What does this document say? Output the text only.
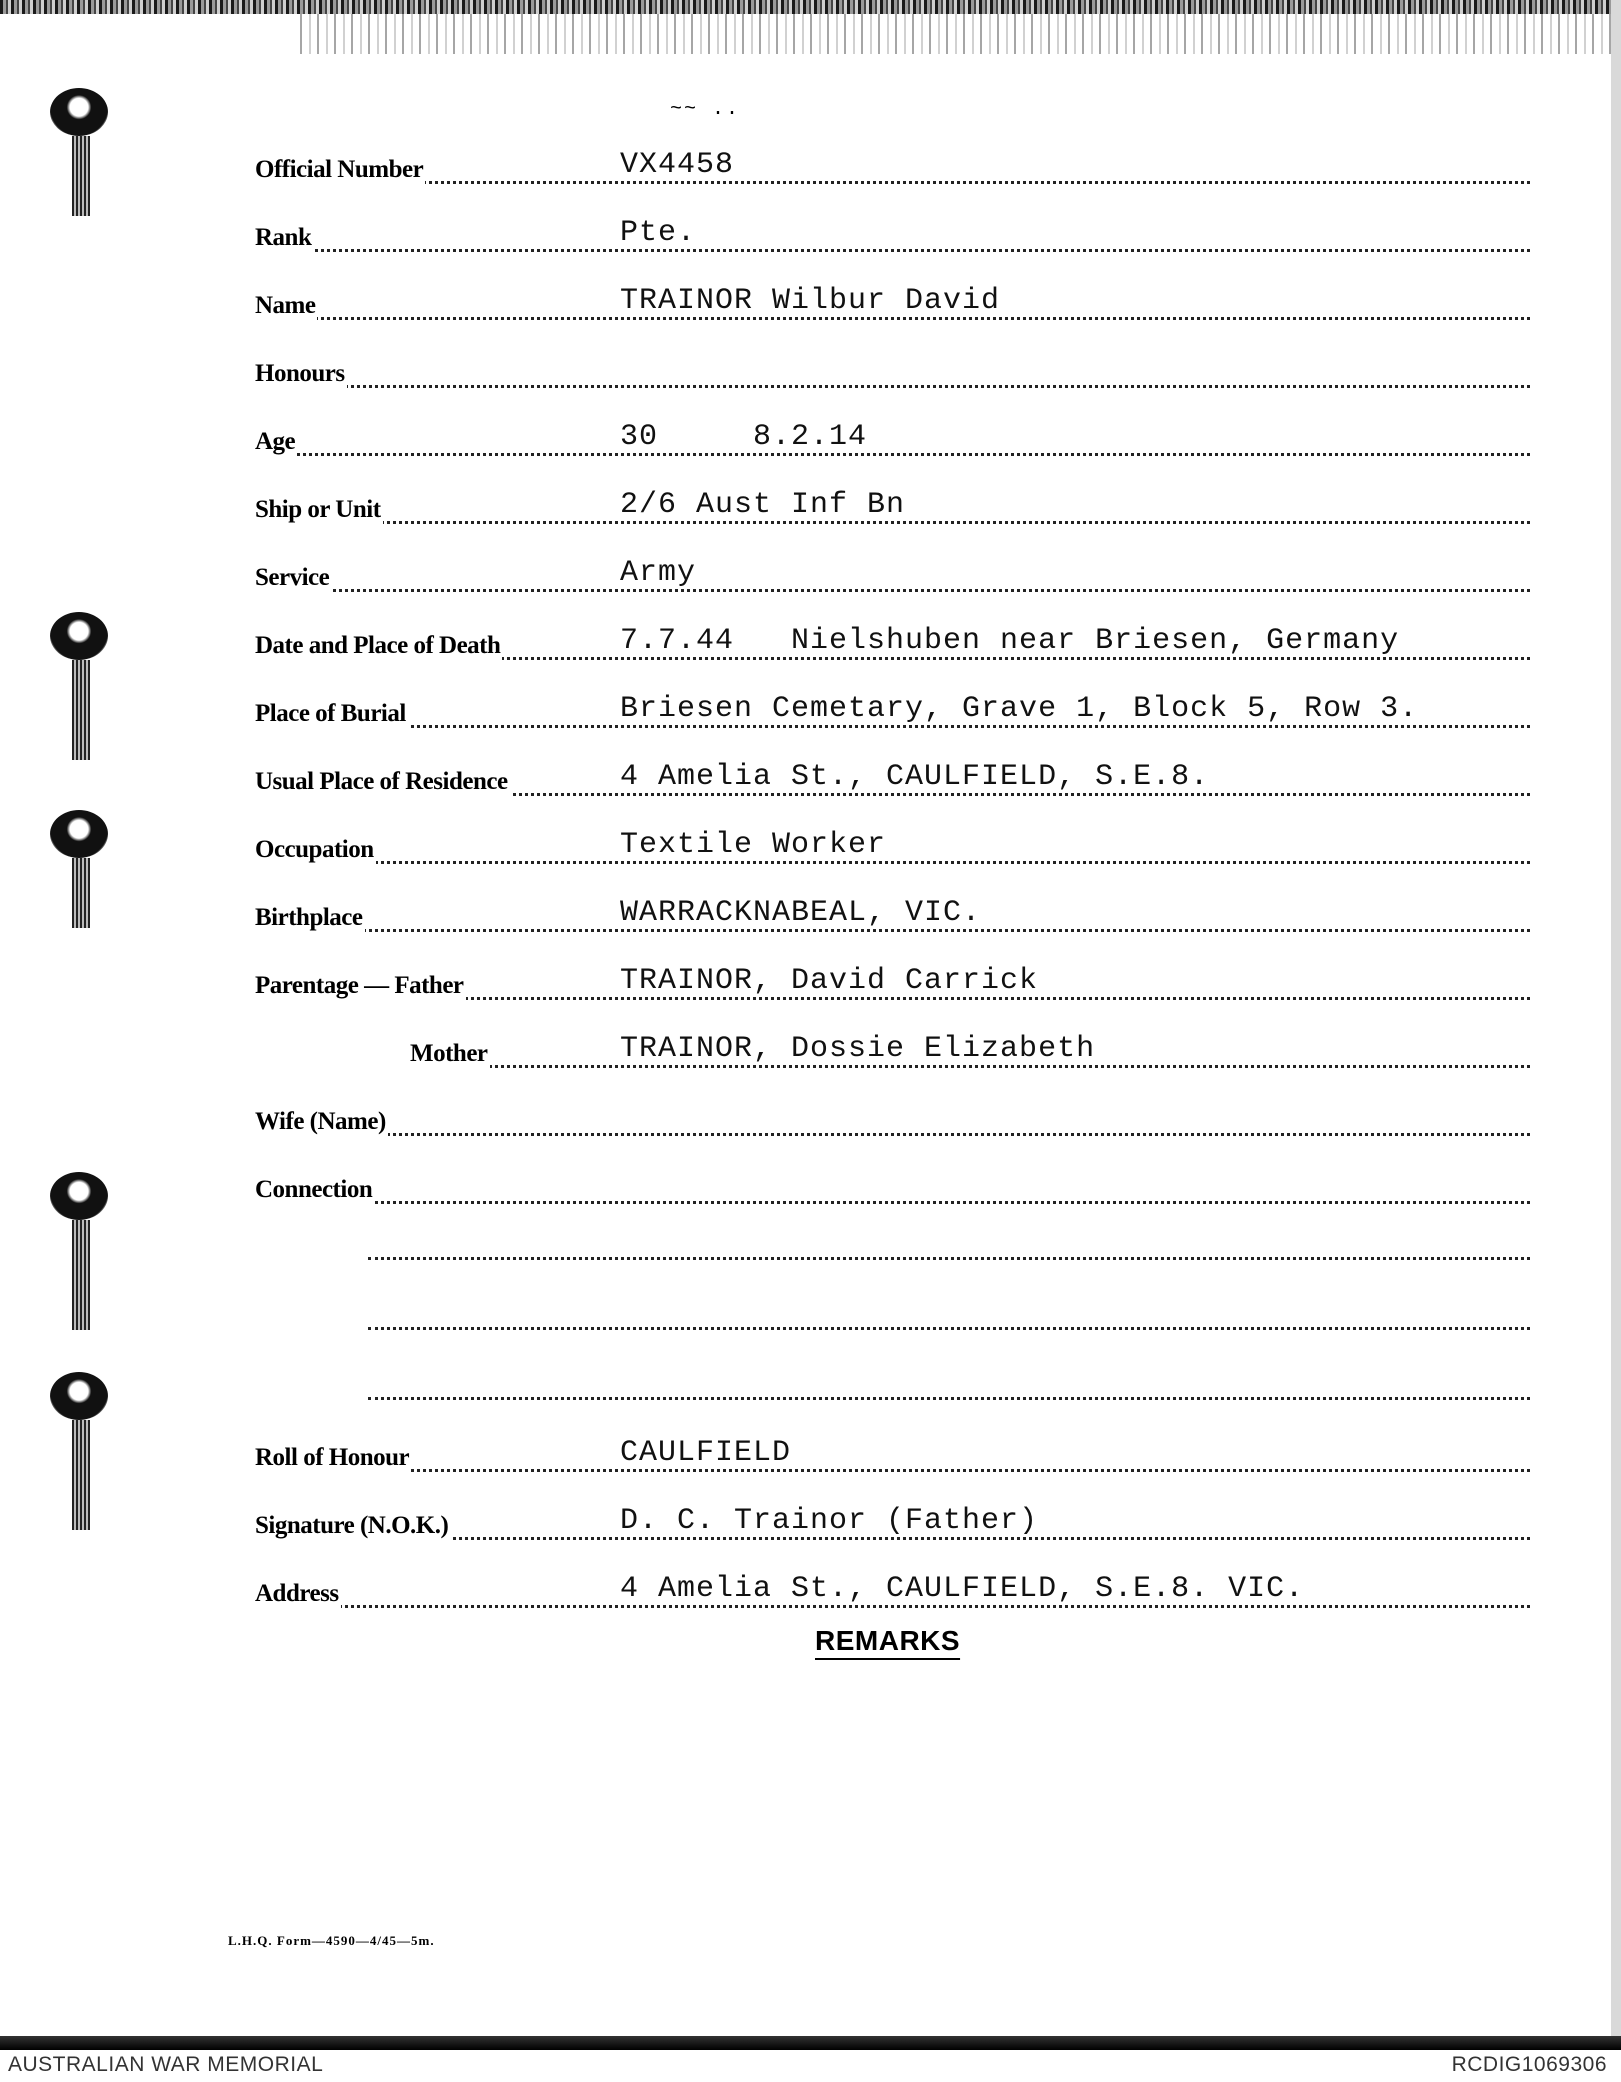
~~ ..
Official Number	VX4458
Rank	Pte.
Name	TRAINOR Wilbur David
Honours
Age	30     8.2.14
Ship or Unit	2/6 Aust Inf Bn
Service	Army
Date and Place of Death	7.7.44   Nielshuben near Briesen, Germany
Place of Burial	Briesen Cemetary, Grave 1, Block 5, Row 3.
Usual Place of Residence	4 Amelia St., CAULFIELD, S.E.8.
Occupation	Textile Worker
Birthplace	WARRACKNABEAL, VIC.
Parentage — Father	TRAINOR, David Carrick
Mother	TRAINOR, Dossie Elizabeth
Wife (Name)
Connection
Roll of Honour	CAULFIELD
Signature (N.O.K.)	D. C. Trainor (Father)
Address	4 Amelia St., CAULFIELD, S.E.8. VIC.
REMARKS
L.H.Q. Form—4590—4/45—5m.
AUSTRALIAN WAR MEMORIAL	RCDIG1069306
